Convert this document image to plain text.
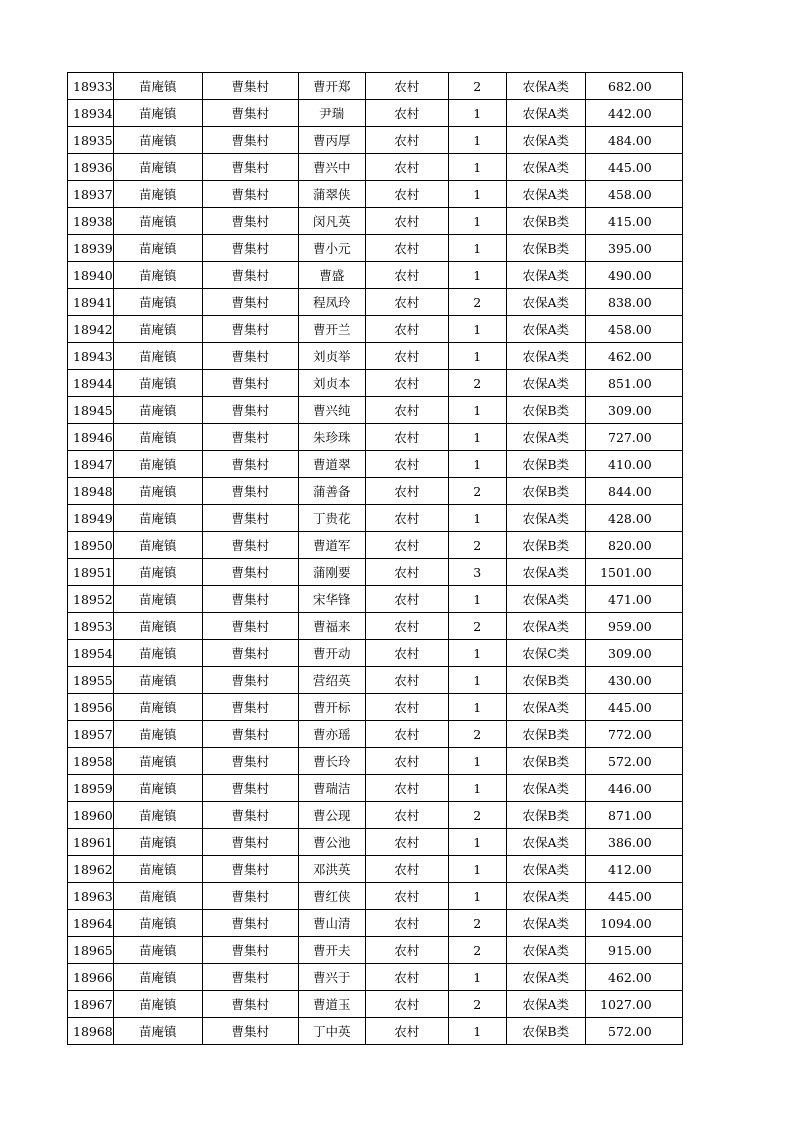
18933	苗庵镇	曹集村	曹开郑	农村	2	农保A类	682.00
18934	苗庵镇	曹集村	尹瑞	农村	1	农保A类	442.00
18935	苗庵镇	曹集村	曹丙厚	农村	1	农保A类	484.00
18936	苗庵镇	曹集村	曹兴中	农村	1	农保A类	445.00
18937	苗庵镇	曹集村	蒲翠侠	农村	1	农保A类	458.00
18938	苗庵镇	曹集村	闵凡英	农村	1	农保B类	415.00
18939	苗庵镇	曹集村	曹小元	农村	1	农保B类	395.00
18940	苗庵镇	曹集村	曹盛	农村	1	农保A类	490.00
18941	苗庵镇	曹集村	程凤玲	农村	2	农保A类	838.00
18942	苗庵镇	曹集村	曹开兰	农村	1	农保A类	458.00
18943	苗庵镇	曹集村	刘贞举	农村	1	农保A类	462.00
18944	苗庵镇	曹集村	刘贞本	农村	2	农保A类	851.00
18945	苗庵镇	曹集村	曹兴纯	农村	1	农保B类	309.00
18946	苗庵镇	曹集村	朱珍珠	农村	1	农保A类	727.00
18947	苗庵镇	曹集村	曹道翠	农村	1	农保B类	410.00
18948	苗庵镇	曹集村	蒲善备	农村	2	农保B类	844.00
18949	苗庵镇	曹集村	丁贵花	农村	1	农保A类	428.00
18950	苗庵镇	曹集村	曹道军	农村	2	农保B类	820.00
18951	苗庵镇	曹集村	蒲刚要	农村	3	农保A类	1501.00
18952	苗庵镇	曹集村	宋华锋	农村	1	农保A类	471.00
18953	苗庵镇	曹集村	曹福来	农村	2	农保A类	959.00
18954	苗庵镇	曹集村	曹开动	农村	1	农保C类	309.00
18955	苗庵镇	曹集村	营绍英	农村	1	农保B类	430.00
18956	苗庵镇	曹集村	曹开标	农村	1	农保A类	445.00
18957	苗庵镇	曹集村	曹亦瑶	农村	2	农保B类	772.00
18958	苗庵镇	曹集村	曹长玲	农村	1	农保B类	572.00
18959	苗庵镇	曹集村	曹瑞洁	农村	1	农保A类	446.00
18960	苗庵镇	曹集村	曹公现	农村	2	农保B类	871.00
18961	苗庵镇	曹集村	曹公池	农村	1	农保A类	386.00
18962	苗庵镇	曹集村	邓洪英	农村	1	农保A类	412.00
18963	苗庵镇	曹集村	曹红侠	农村	1	农保A类	445.00
18964	苗庵镇	曹集村	曹山清	农村	2	农保A类	1094.00
18965	苗庵镇	曹集村	曹开夫	农村	2	农保A类	915.00
18966	苗庵镇	曹集村	曹兴于	农村	1	农保A类	462.00
18967	苗庵镇	曹集村	曹道玉	农村	2	农保A类	1027.00
18968	苗庵镇	曹集村	丁中英	农村	1	农保B类	572.00
